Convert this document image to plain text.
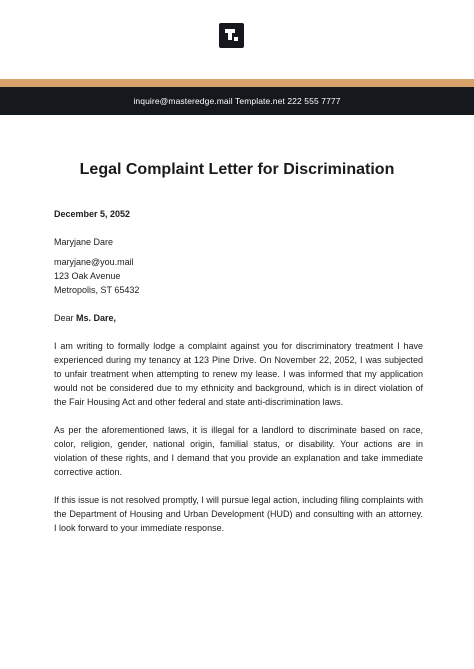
inquire@masteredge.mail Template.net 222 555 7777
Legal Complaint Letter for Discrimination
December 5, 2052
Maryjane Dare
maryjane@you.mail
123 Oak Avenue
Metropolis, ST 65432
Dear Ms. Dare,

I am writing to formally lodge a complaint against you for discriminatory treatment I have experienced during my tenancy at 123 Pine Drive. On November 22, 2052, I was subjected to unfair treatment when attempting to renew my lease. I was informed that my application would not be considered due to my ethnicity and background, which is in direct violation of the Fair Housing Act and other federal and state anti-discrimination laws.

As per the aforementioned laws, it is illegal for a landlord to discriminate based on race, color, religion, gender, national origin, familial status, or disability. Your actions are in violation of these rights, and I demand that you provide an explanation and take immediate corrective action.

If this issue is not resolved promptly, I will pursue legal action, including filing complaints with the Department of Housing and Urban Development (HUD) and consulting with an attorney. I look forward to your immediate response.
